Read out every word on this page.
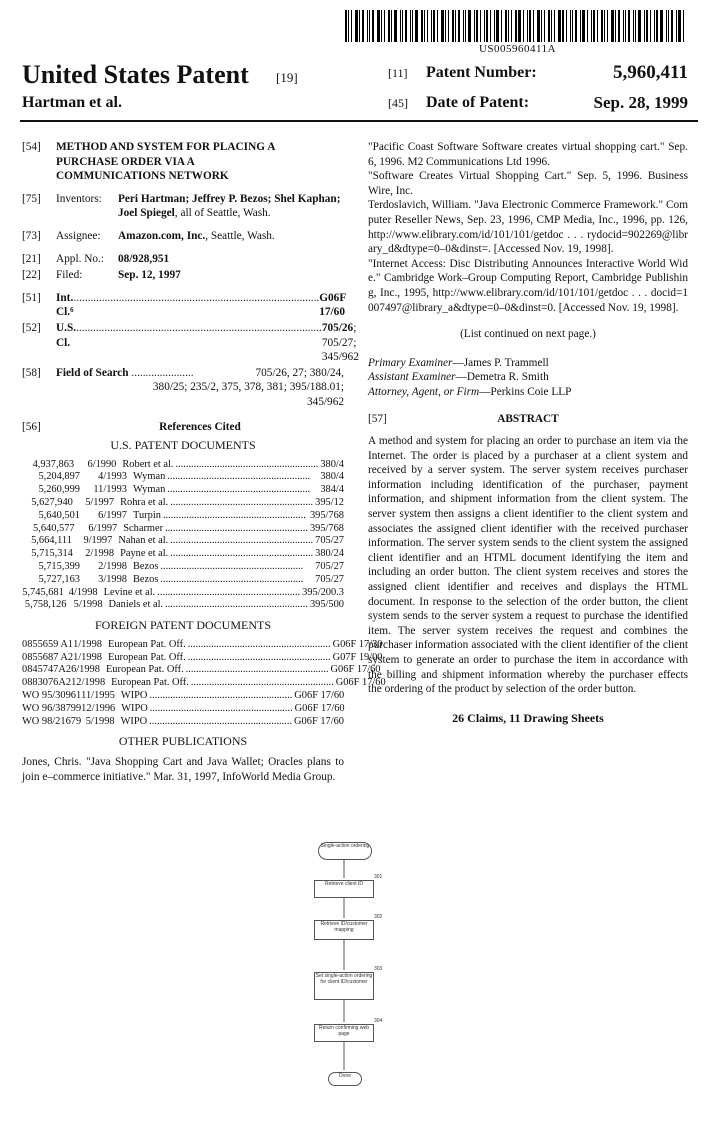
US005960411A
United States Patent [19]
Hartman et al.
[11] Patent Number:	5,960,411
[45] Date of Patent:	Sep. 28, 1999
[54]	METHOD AND SYSTEM FOR PLACING A
PURCHASE ORDER VIA A
COMMUNICATIONS NETWORK
[75]	Inventors:	Peri Hartman; Jeffrey P. Bezos; Shel Kaphan; Joel Spiegel, all of Seattle, Wash.
[73]	Assignee:	Amazon.com, Inc., Seattle, Wash.
[21]	Appl. No.:	08/928,951
[22]	Filed:	Sep. 12, 1997
[51]	Int. Cl.⁶
....................................................................................... G06F 17/60
[52]	U.S. Cl.
....................................................................................... 705/26; 705/27; 345/962
[58]	Field of Search ......................	705/26, 27; 380/24,
380/25; 235/2, 375, 378, 381; 395/188.01;
345/962
[56]	References Cited
U.S. PATENT DOCUMENTS
4,937,863	6/1990 Robert et al. ....................................................... 380/4
5,204,897	4/1993 Wyman ....................................................... 380/4
5,260,999	11/1993 Wyman ....................................................... 384/4
5,627,940	5/1997 Rohra et al. ....................................................... 395/12
5,640,501	6/1997 Turpin ....................................................... 395/768
5,640,577	6/1997 Scharmer ....................................................... 395/768
5,664,111	9/1997 Nahan et al. ....................................................... 705/27
5,715,314	2/1998 Payne et al. ....................................................... 380/24
5,715,399	2/1998 Bezos .......................................................	705/27
5,727,163	3/1998 Bezos .......................................................	705/27
5,745,681 4/1998 Levine et al. ....................................................... 395/200.3
5,758,126 5/1998 Daniels et al. ....................................................... 395/500
FOREIGN PATENT DOCUMENTS
0855659 A1 1/1998 European Pat. Off. ....................................................... G06F 17/30
0855687 A2 1/1998 European Pat. Off. ....................................................... G07F 19/00
0845747A2 6/1998 European Pat. Off. ....................................................... G06F 17/60
0883076A2 12/1998 European Pat. Off. ....................................................... G06F 17/60
WO 95/30961 11/1995 WIPO ....................................................... G06F 17/60
WO 96/38799 12/1996 WIPO ....................................................... G06F 17/60
WO 98/21679 5/1998 WIPO ....................................................... G06F 17/60
OTHER PUBLICATIONS
Jones, Chris. "Java Shopping Cart and Java Wallet; Oracles plans to join e–commerce initiative." Mar. 31, 1997, InfoWorld Media Group.
"Pacific Coast Software Software creates virtual shopping cart." Sep. 6, 1996. M2 Communications Ltd 1996.
"Software Creates Virtual Shopping Cart." Sep. 5, 1996. Business Wire, Inc.
Terdoslavich, William. "Java Electronic Commerce Framework." Computer Reseller News, Sep. 23, 1996, CMP Media, Inc., 1996, pp. 126, http://www.elibrary.com/id/101/101/getdoc . . . rydocid=902269@library_d&dtype=0–0&dinst=. [Accessed Nov. 19, 1998].
"Internet Access: Disc Distributing Announces Interactive World Wide." Cambridge Work–Group Computing Report, Cambridge Publishing, Inc., 1995, http://www.elibrary.com/id/101/101/getdoc . . . docid=1007497@library_a&dtype=0–0&dinst=0. [Accessed Nov. 19, 1998].
(List continued on next page.)
Primary Examiner—James P. Trammell
Assistant Examiner—Demetra R. Smith
Attorney, Agent, or Firm—Perkins Coie LLP
[57]	ABSTRACT
A method and system for placing an order to purchase an item via the Internet. The order is placed by a purchaser at a client system and received by a server system. The server system receives purchaser information including identification of the purchaser, payment information, and shipment information from the client system. The server system then assigns a client identifier to the client system and associates the assigned client identifier with the received purchaser information. The server system sends to the client system the assigned client identifier and an HTML document identifying the item and including an order button. The client system receives and stores the assigned client identifier and receives and displays the HTML document. In response to the selection of the order button, the client system sends to the server system a request to purchase the identified item. The server system receives the request and combines the purchaser information associated with the client identifier of the client system to generate an order to purchase the item in accordance with the billing and shipment information whereby the purchaser effects the ordering of the product by selection of the order button.
26 Claims, 11 Drawing Sheets
Single-action ordering
Retrieve client ID
301
Retrieve ID/customer mapping
302
Set single-action ordering for client ID/customer
303
Return confirming web page
304
Done
